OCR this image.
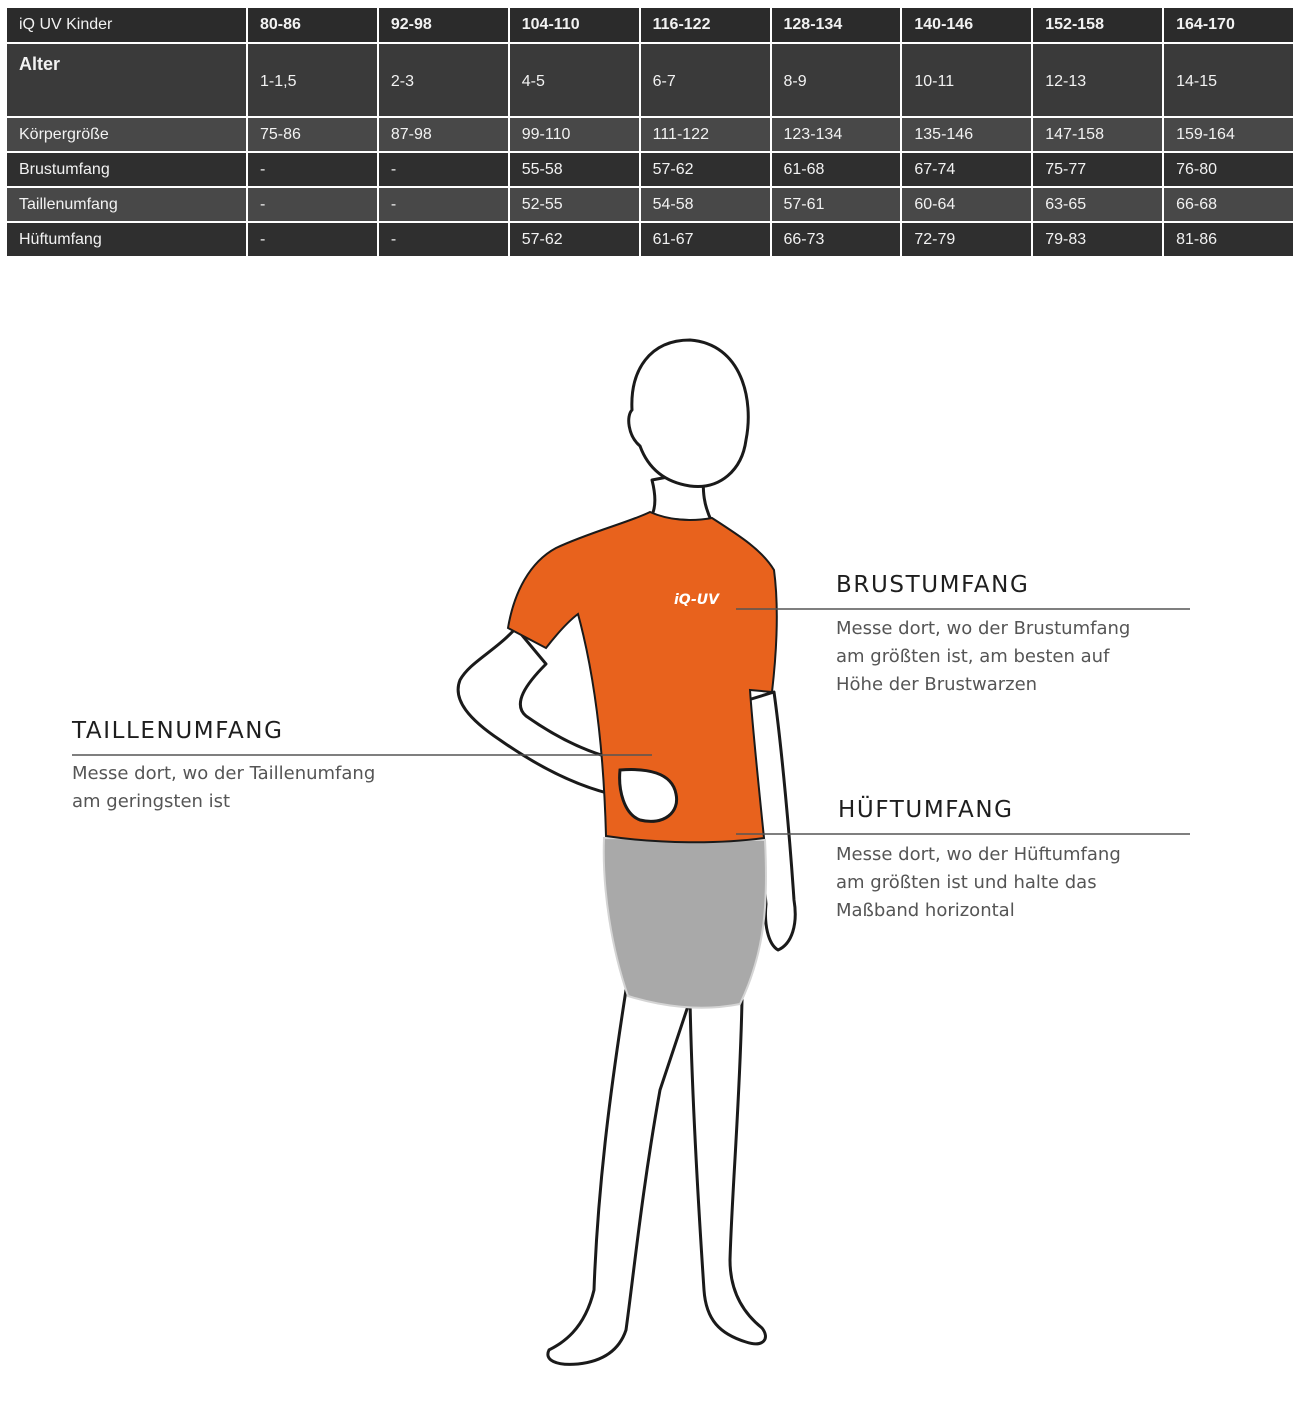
iQ UV Kinder	80-86	92-98	104-110	116-122	128-134	140-146	152-158	164-170
Alter	1-1,5	2-3	4-5	6-7	8-9	10-11	12-13	14-15
Körpergröße	75-86	87-98	99-110	111-122	123-134	135-146	147-158	159-164
Brustumfang	-	-	55-58	57-62	61-68	67-74	75-77	76-80
Taillenumfang	-	-	52-55	54-58	57-61	60-64	63-65	66-68
Hüftumfang	-	-	57-62	61-67	66-73	72-79	79-83	81-86
iQ-UV
BRUSTUMFANG
Messe dort, wo der Brustumfang
am größten ist, am besten auf
Höhe der Brustwarzen
TAILLENUMFANG
Messe dort, wo der Taillenumfang
am geringsten ist	HÜFTUMFANG
Messe dort, wo der Hüftumfang
am größten ist und halte das
Maßband horizontal
